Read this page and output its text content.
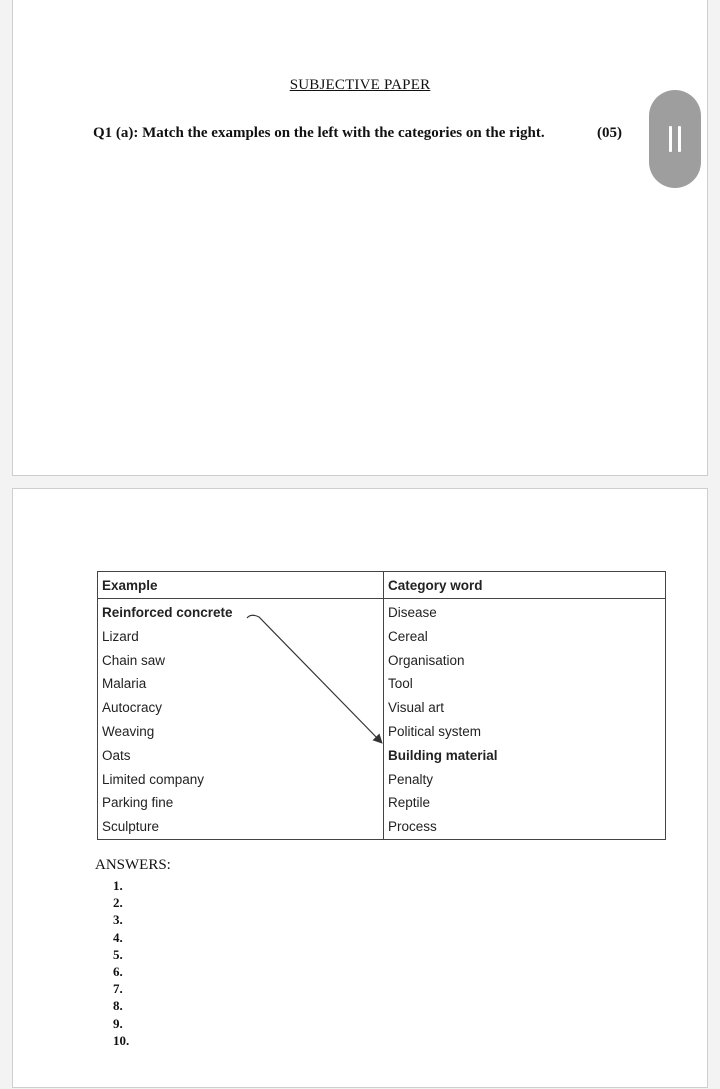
SUBJECTIVE PAPER
Q1 (a): Match the examples on the left with the categories on the right.	(05)
Example	Category word
Reinforced concrete	Disease
Lizard	Cereal
Chain saw	Organisation
Malaria	Tool
Autocracy	Visual art
Weaving	Political system
Oats	Building material
Limited company	Penalty
Parking fine	Reptile
Sculpture	Process
ANSWERS:
1.
2.
3.
4.
5.
6.
7.
8.
9.
10.
